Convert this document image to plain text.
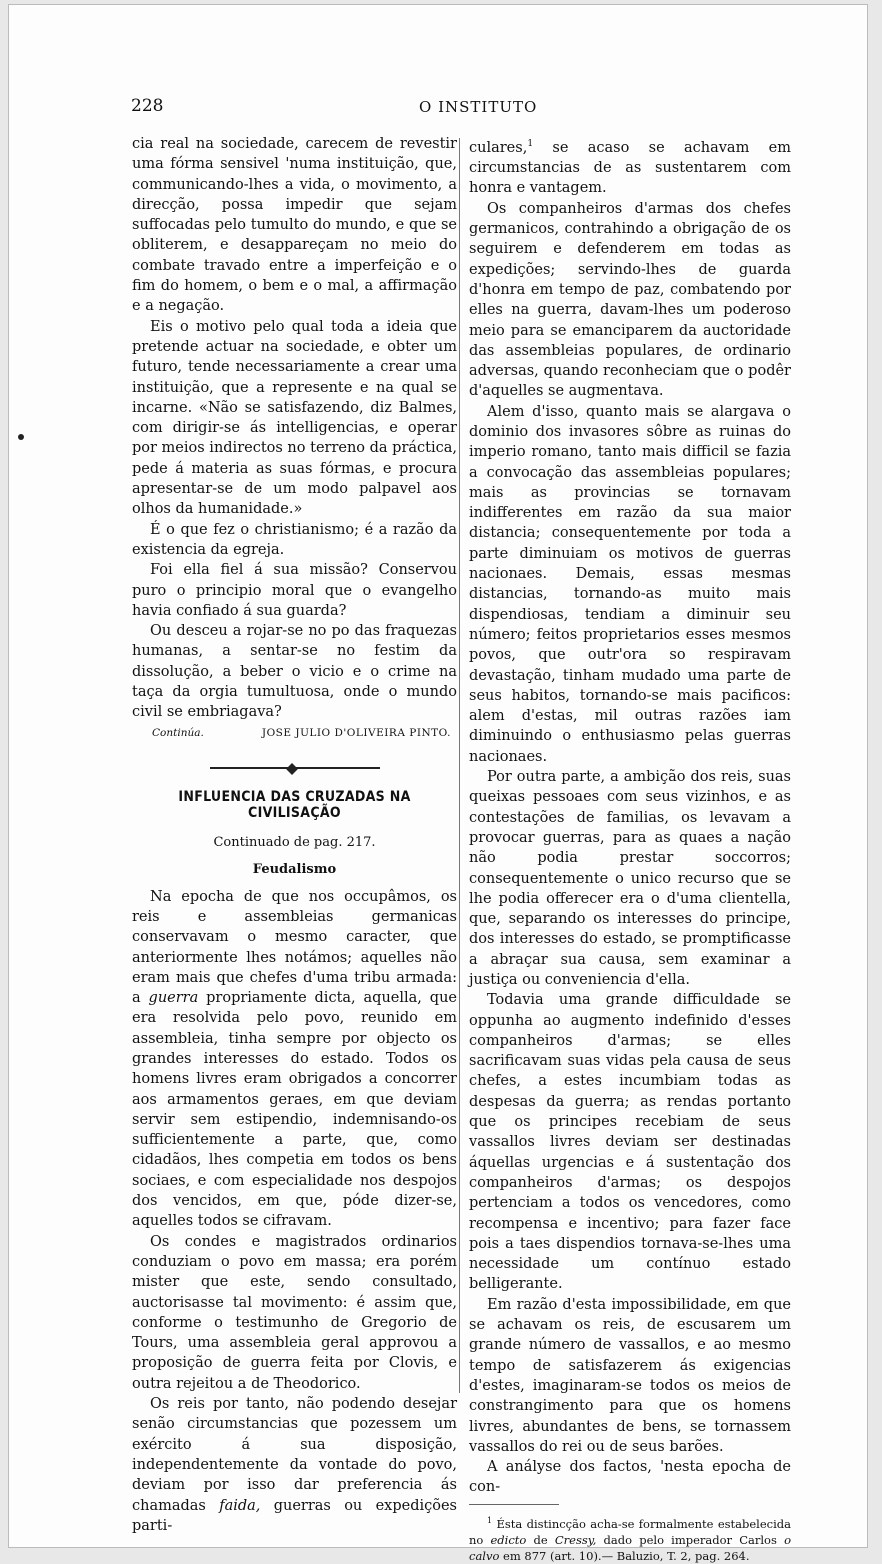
228	O INSTITUTO

cia real na sociedade, carecem de revestir uma fórma sensivel 'numa instituição, que, communicando-lhes a vida, o movimento, a direcção, possa impedir que sejam suffocadas pelo tumulto do mundo, e que se obliterem, e desappareçam no meio do combate travado entre a imperfeição e o fim do homem, o bem e o mal, a affirmação e a negação.

Eis o motivo pelo qual toda a ideia que pretende actuar na sociedade, e obter um futuro, tende necessariamente a crear uma instituição, que a represente e na qual se incarne. «Não se satisfazendo, diz Balmes, com dirigir-se ás intelligencias, e operar por meios indirectos no terreno da práctica, pede á materia as suas fórmas, e procura apresentar-se de um modo palpavel aos olhos da humanidade.»

É o que fez o christianismo; é a razão da existencia da egreja.

Foi ella fiel á sua missão? Conservou puro o principio moral que o evangelho havia confiado á sua guarda?

Ou desceu a rojar-se no po das fraquezas humanas, a sentar-se no festim da dissolução, a beber o vicio e o crime na taça da orgia tumultuosa, onde o mundo civil se embriagava?

Continúa.	JOSE JULIO D'OLIVEIRA PINTO.
INFLUENCIA DAS CRUZADAS NA CIVILISAÇÃO
Continuado de pag. 217.
Feudalismo

Na epocha de que nos occupâmos, os reis e assembleias germanicas conservavam o mesmo caracter, que anteriormente lhes notámos; aquelles não eram mais que chefes d'uma tribu armada: a guerra propriamente dicta, aquella, que era resolvida pelo povo, reunido em assembleia, tinha sempre por objecto os grandes interesses do estado. Todos os homens livres eram obrigados a concorrer aos armamentos geraes, em que deviam servir sem estipendio, indemnisando-os sufficientemente a parte, que, como cidadãos, lhes competia em todos os bens sociaes, e com especialidade nos despojos dos vencidos, em que, póde dizer-se, aquelles todos se cifravam.

Os condes e magistrados ordinarios conduziam o povo em massa; era porém mister que este, sendo consultado, auctorisasse tal movimento: é assim que, conforme o testimunho de Gregorio de Tours, uma assembleia geral approvou a proposição de guerra feita por Clovis, e outra rejeitou a de Theodorico.

Os reis por tanto, não podendo desejar senão circumstancias que pozessem um exército á sua disposição, independentemente da vontade do povo, deviam por isso dar preferencia ás chamadas faida, guerras ou expedições parti-

culares,$^1$ se acaso se achavam em circumstancias de as sustentarem com honra e vantagem.

Os companheiros d'armas dos chefes germanicos, contrahindo a obrigação de os seguirem e defenderem em todas as expedições; servindo-lhes de guarda d'honra em tempo de paz, combatendo por elles na guerra, davam-lhes um poderoso meio para se emanciparem da auctoridade das assembleias populares, de ordinario adversas, quando reconheciam que o podêr d'aquelles se augmentava.

Alem d'isso, quanto mais se alargava o dominio dos invasores sôbre as ruinas do imperio romano, tanto mais difficil se fazia a convocação das assembleias populares; mais as provincias se tornavam indifferentes em razão da sua maior distancia; consequentemente por toda a parte diminuiam os motivos de guerras nacionaes. Demais, essas mesmas distancias, tornando-as muito mais dispendiosas, tendiam a diminuir seu número; feitos proprietarios esses mesmos povos, que outr'ora so respiravam devastação, tinham mudado uma parte de seus habitos, tornando-se mais pacificos: alem d'estas, mil outras razões iam diminuindo o enthusiasmo pelas guerras nacionaes.

Por outra parte, a ambição dos reis, suas queixas pessoaes com seus vizinhos, e as contestações de familias, os levavam a provocar guerras, para as quaes a nação não podia prestar soccorros; consequentemente o unico recurso que se lhe podia offerecer era o d'uma clientella, que, separando os interesses do principe, dos interesses do estado, se promptificasse a abraçar sua causa, sem examinar a justiça ou conveniencia d'ella.

Todavia uma grande difficuldade se oppunha ao augmento indefinido d'esses companheiros d'armas; se elles sacrificavam suas vidas pela causa de seus chefes, a estes incumbiam todas as despesas da guerra; as rendas portanto que os principes recebiam de seus vassallos livres deviam ser destinadas áquellas urgencias e á sustentação dos companheiros d'armas; os despojos pertenciam a todos os vencedores, como recompensa e incentivo; para fazer face pois a taes dispendios tornava-se-lhes uma necessidade um contínuo estado belligerante.

Em razão d'esta impossibilidade, em que se achavam os reis, de escusarem um grande número de vassallos, e ao mesmo tempo de satisfazerem ás exigencias d'estes, imaginaram-se todos os meios de constrangimento para que os homens livres, abundantes de bens, se tornassem vassallos do rei ou de seus barões.

A anályse dos factos, 'nesta epocha de con-

$^1$ Ésta distincção acha-se formalmente estabelecida no edicto de Cressy, dado pelo imperador Carlos o calvo em 877 (art. 10).— Baluzio, T. 2, pag. 264.
